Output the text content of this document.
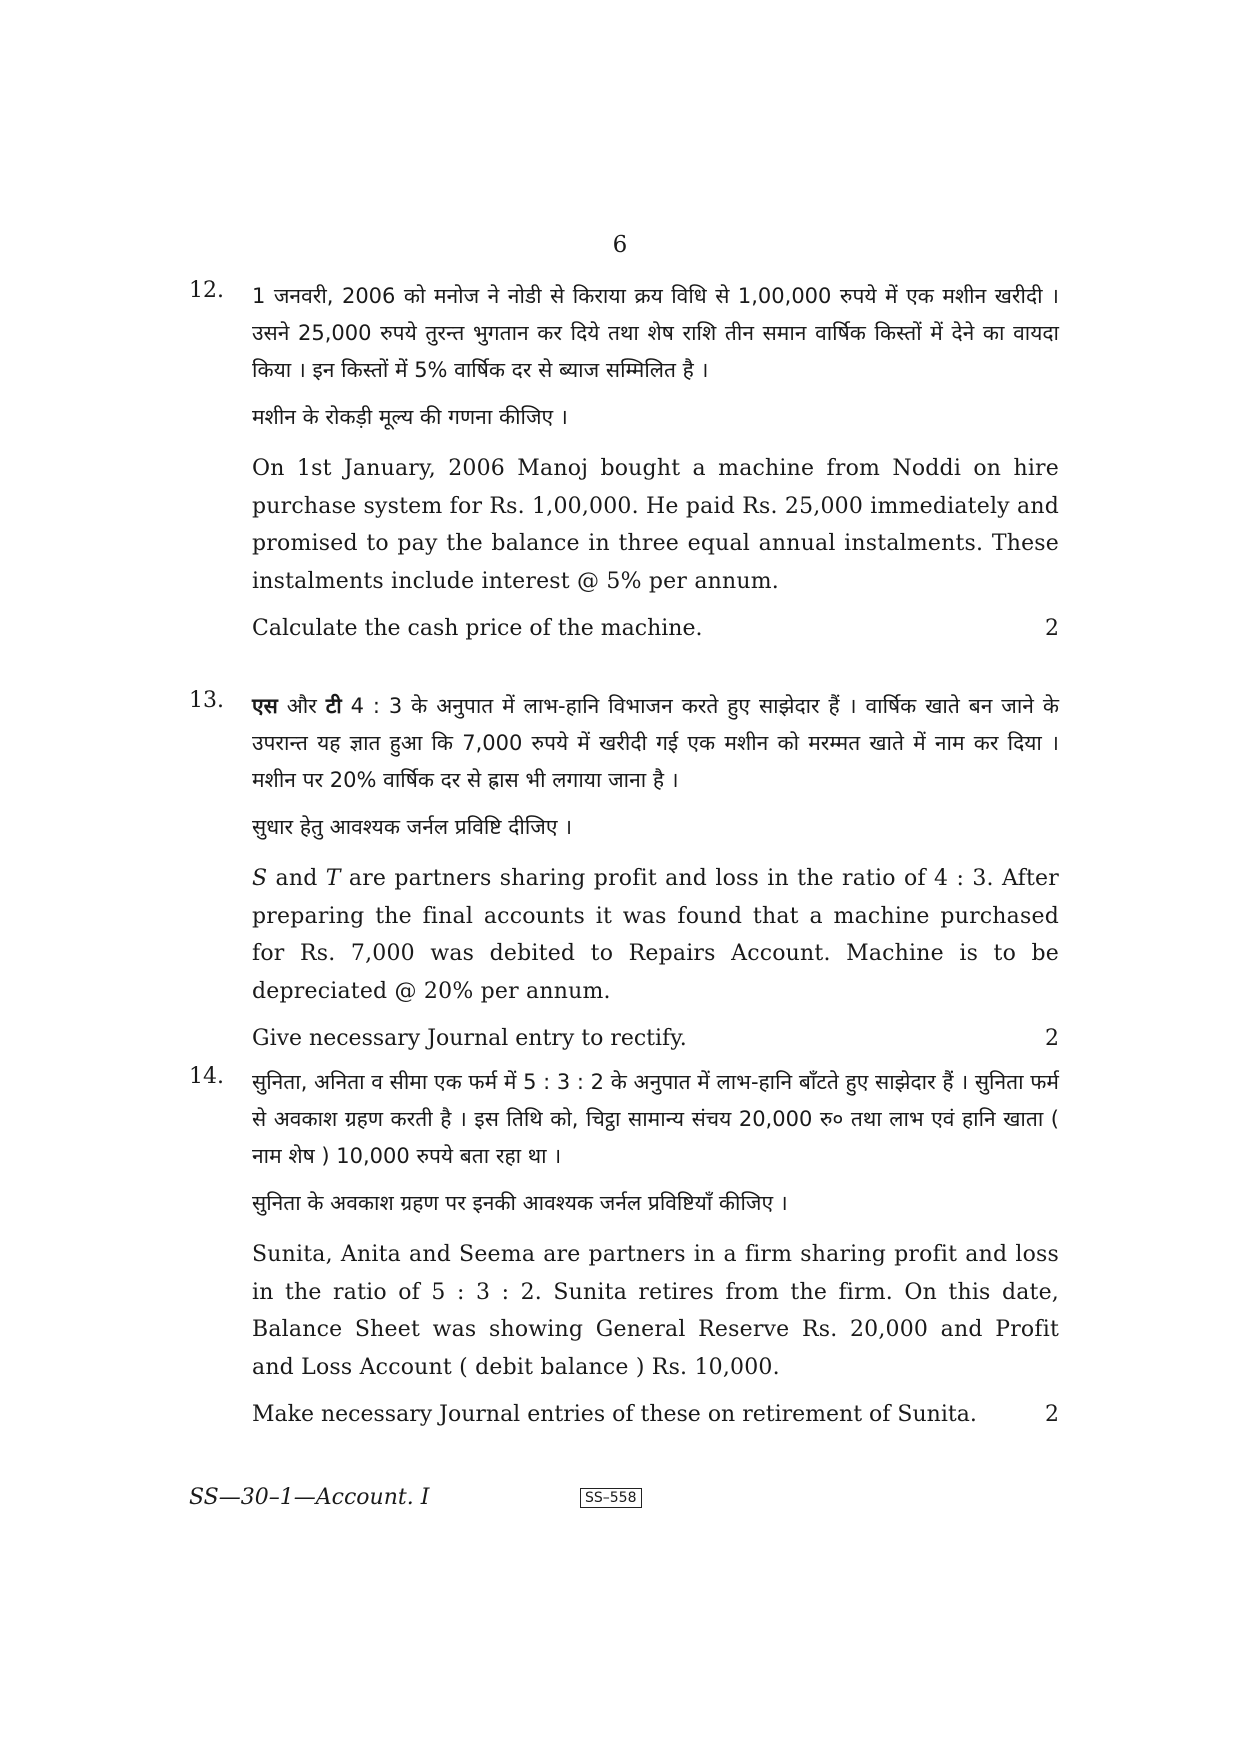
6
12. 1 जनवरी, 2006 को मनोज ने नोडी से किराया क्रय विधि से 1,00,000 रुपये में एक मशीन खरीदी । उसने 25,000 रुपये तुरन्त भुगतान कर दिये तथा शेष राशि तीन समान वार्षिक किस्तों में देने का वायदा किया । इन किस्तों में 5% वार्षिक दर से ब्याज सम्मिलित है ।
मशीन के रोकड़ी मूल्य की गणना कीजिए ।
On 1st January, 2006 Manoj bought a machine from Noddi on hire purchase system for Rs. 1,00,000. He paid Rs. 25,000 immediately and promised to pay the balance in three equal annual instalments. These instalments include interest @ 5% per annum.
Calculate the cash price of the machine.	2
13. एस और टी 4 : 3 के अनुपात में लाभ-हानि विभाजन करते हुए साझेदार हैं । वार्षिक खाते बन जाने के उपरान्त यह ज्ञात हुआ कि 7,000 रुपये में खरीदी गई एक मशीन को मरम्मत खाते में नाम कर दिया । मशीन पर 20% वार्षिक दर से ह्रास भी लगाया जाना है ।
सुधार हेतु आवश्यक जर्नल प्रविष्टि दीजिए ।
S and T are partners sharing profit and loss in the ratio of 4 : 3. After preparing the final accounts it was found that a machine purchased for Rs. 7,000 was debited to Repairs Account. Machine is to be depreciated @ 20% per annum.
Give necessary Journal entry to rectify.	2
14. सुनिता, अनिता व सीमा एक फर्म में 5 : 3 : 2 के अनुपात में लाभ-हानि बाँटते हुए साझेदार हैं । सुनिता फर्म से अवकाश ग्रहण करती है । इस तिथि को, चिट्ठा सामान्य संचय 20,000 रु० तथा लाभ एवं हानि खाता ( नाम शेष ) 10,000 रुपये बता रहा था ।
सुनिता के अवकाश ग्रहण पर इनकी आवश्यक जर्नल प्रविष्टियाँ कीजिए ।
Sunita, Anita and Seema are partners in a firm sharing profit and loss in the ratio of 5 : 3 : 2. Sunita retires from the firm. On this date, Balance Sheet was showing General Reserve Rs. 20,000 and Profit and Loss Account ( debit balance ) Rs. 10,000.
Make necessary Journal entries of these on retirement of Sunita.	2
SS—30–1—Account. I	SS–558
